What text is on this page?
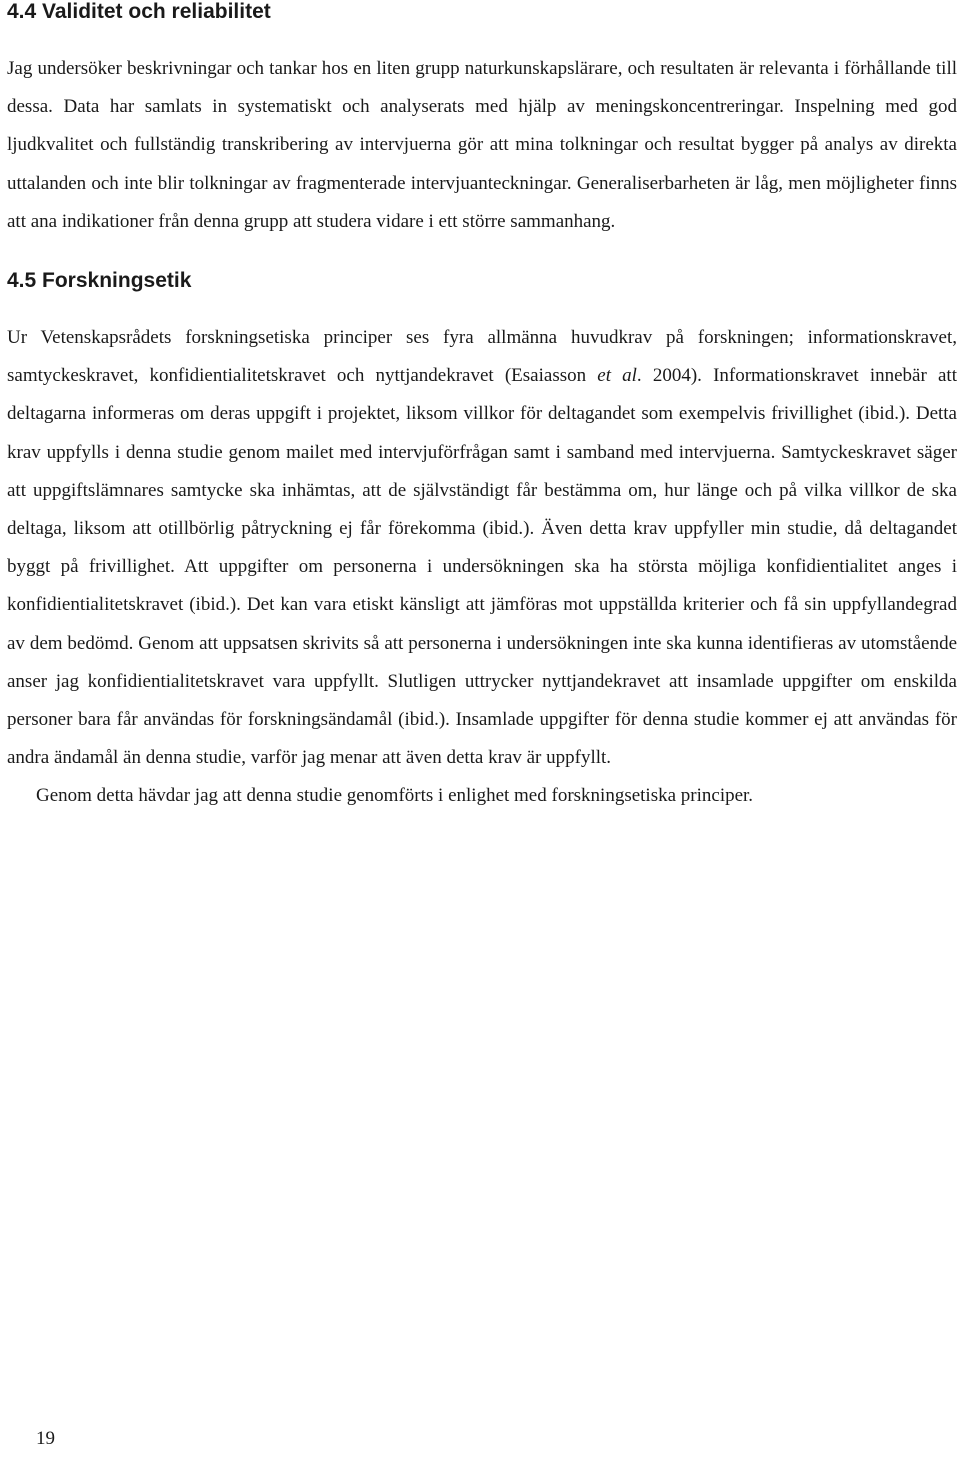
4.4 Validitet och reliabilitet

Jag undersöker beskrivningar och tankar hos en liten grupp naturkunskapslärare, och resultaten är relevanta i förhållande till dessa. Data har samlats in systematiskt och analyserats med hjälp av meningskoncentreringar. Inspelning med god ljudkvalitet och fullständig transkribering av intervjuerna gör att mina tolkningar och resultat bygger på analys av direkta uttalanden och inte blir tolkningar av fragmenterade intervjuanteckningar. Generaliserbarheten är låg, men möjligheter finns att ana indikationer från denna grupp att studera vidare i ett större sammanhang.

4.5 Forskningsetik

Ur Vetenskapsrådets forskningsetiska principer ses fyra allmänna huvudkrav på forskningen; informationskravet, samtyckeskravet, konfidientialitetskravet och nyttjandekravet (Esaiasson et al. 2004). Informationskravet innebär att deltagarna informeras om deras uppgift i projektet, liksom villkor för deltagandet som exempelvis frivillighet (ibid.). Detta krav uppfylls i denna studie genom mailet med intervjuförfrågan samt i samband med intervjuerna. Samtyckeskravet säger att uppgiftslämnares samtycke ska inhämtas, att de självständigt får bestämma om, hur länge och på vilka villkor de ska deltaga, liksom att otillbörlig påtryckning ej får förekomma (ibid.). Även detta krav uppfyller min studie, då deltagandet byggt på frivillighet. Att uppgifter om personerna i undersökningen ska ha största möjliga konfidientialitet anges i konfidientialitetskravet (ibid.). Det kan vara etiskt känsligt att jämföras mot uppställda kriterier och få sin uppfyllandegrad av dem bedömd. Genom att uppsatsen skrivits så att personerna i undersökningen inte ska kunna identifieras av utomstående anser jag konfidientialitetskravet vara uppfyllt. Slutligen uttrycker nyttjandekravet att insamlade uppgifter om enskilda personer bara får användas för forskningsändamål (ibid.). Insamlade uppgifter för denna studie kommer ej att användas för andra ändamål än denna studie, varför jag menar att även detta krav är uppfyllt.

Genom detta hävdar jag att denna studie genomförts i enlighet med forskningsetiska principer.

19
